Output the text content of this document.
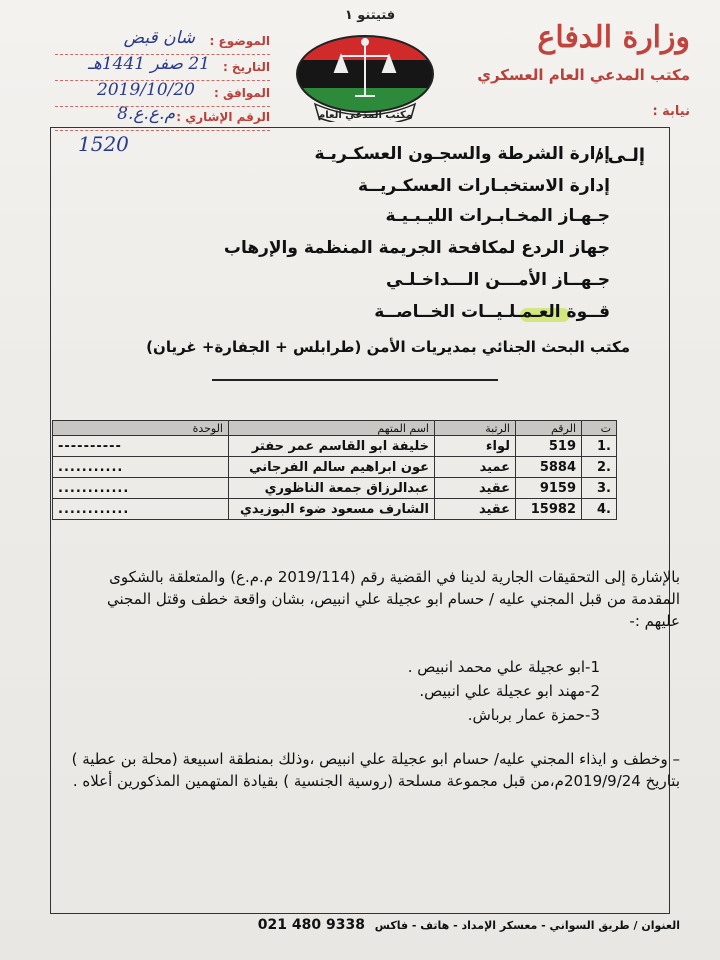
وزارة الدفاع
مكتب المدعي العام العسكري
نيابة :
فتيتنو ١
مكتب المدعي العام
الموضوع :
شان قبض
التاريخ :
21 صفر 1441هـ
الموافق :
2019/10/20
الرقم الإشاري :
م.ع.ع.8
1520	إلـى /
إدارة الشرطة والسجـون العسكـريـة
إدارة الاستخبـارات العسكـريــة
جـهـاز المخـابـرات الليـبـيـة
جهاز الردع لمكافحة الجريمة المنظمة والإرهاب
جـهــاز الأمـــن الـــداخـلـي
قــوة العـمـلـيــات الخــاصــة
مكتب البحث الجنائي بمديريات الأمن (طرابلس + الجفارة+ غريان)
ت	الرقم	الرتبة	اسم المتهم	الوحدة
.1	519	لواء	خليفة ابو القاسم عمر حفتر	----------
.2	5884	عميد	عون ابراهيم سالم الفرجاني	...........​
.3	9159	عقيد	عبدالرزاق جمعة الناظوري	............
.4	15982	عقيد	الشارف مسعود ضوء البوزيدي	............
بالإشارة إلى التحقيقات الجارية لدينا في القضية رقم (2019/114 م.م.ع) والمتعلقة بالشكوى المقدمة من قبل المجني عليه / حسام ابو عجيلة علي انبيص، بشان واقعة خطف وقتل المجني عليهم :-
1-ابو عجيلة علي محمد انبيص .
2-مهند ابو عجيلة علي انبيص.
3-حمزة عمار برباش.
– وخطف و ايذاء المجني عليه/ حسام ابو عجيلة علي انبيص ،وذلك بمنطقة اسبيعة (محلة بن عطية ) بتاريخ 2019/9/24م،من قبل مجموعة مسلحة (روسية الجنسية ) بقيادة المتهمين المذكورين أعلاه .
العنوان / طريق السواني - معسكر الإمداد - هاتف - فاكس 021 480 9338
